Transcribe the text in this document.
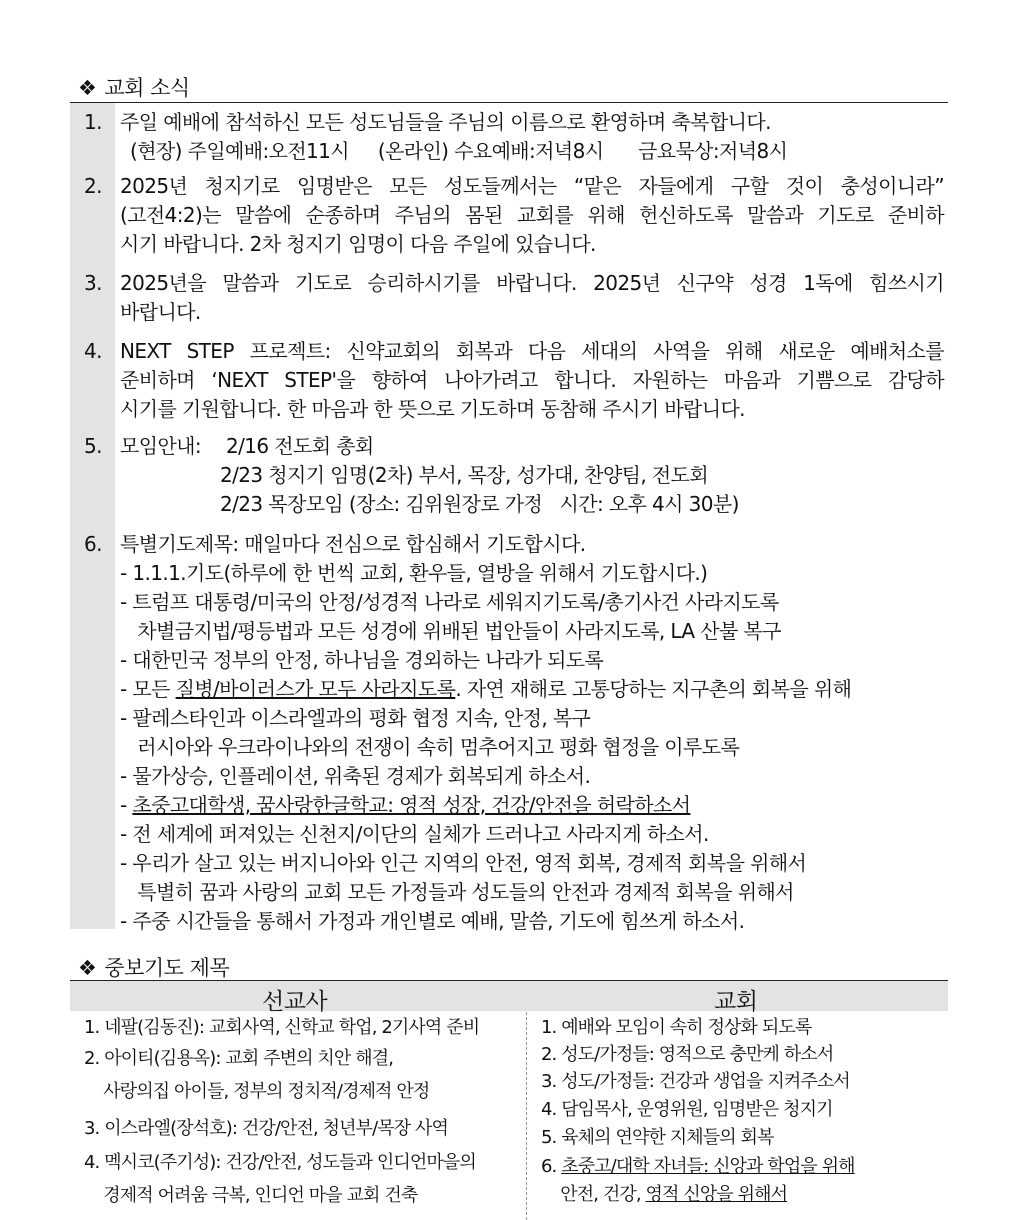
❖ 교회 소식
1. 주일 예배에 참석하신 모든 성도님들을 주님의 이름으로 환영하며 축복합니다.
(현장) 주일예배:오전11시     (온라인) 수요예배:저녁8시      금요묵상:저녁8시
2. 2025년 청지기로 임명받은 모든 성도들께서는 “맡은 자들에게 구할 것이 충성이니라”
(고전4:2)는 말씀에 순종하며 주님의 몸된 교회를 위해 헌신하도록 말씀과 기도로 준비하
시기 바랍니다. 2차 청지기 임명이 다음 주일에 있습니다.
3. 2025년을 말씀과 기도로 승리하시기를 바랍니다. 2025년 신구약 성경 1독에 힘쓰시기
바랍니다.
4. NEXT STEP 프로젝트: 신약교회의 회복과 다음 세대의 사역을 위해 새로운 예배처소를
준비하며 ‘NEXT STEP'을 향하여 나아가려고 합니다. 자원하는 마음과 기쁨으로 감당하
시기를 기원합니다. 한 마음과 한 뜻으로 기도하며 동참해 주시기 바랍니다.
5. 모임안내:	2/16 전도회 총회
2/23 청지기 임명(2차) 부서, 목장, 성가대, 찬양팀, 전도회
2/23 목장모임 (장소: 김위원장로 가정   시간: 오후 4시 30분)
6. 특별기도제목: 매일마다 전심으로 합심해서 기도합시다.
- 1.1.1.기도(하루에 한 번씩 교회, 환우들, 열방을 위해서 기도합시다.)
- 트럼프 대통령/미국의 안정/성경적 나라로 세워지기도록/총기사건 사라지도록
차별금지법/평등법과 모든 성경에 위배된 법안들이 사라지도록, LA 산불 복구
- 대한민국 정부의 안정, 하나님을 경외하는 나라가 되도록
- 모든 질병/바이러스가 모두 사라지도록. 자연 재해로 고통당하는 지구촌의 회복을 위해
- 팔레스타인과 이스라엘과의 평화 협정 지속, 안정, 복구
러시아와 우크라이나와의 전쟁이 속히 멈추어지고 평화 협정을 이루도록
- 물가상승, 인플레이션, 위축된 경제가 회복되게 하소서.
- 초중고대학생, 꿈사랑한글학교: 영적 성장, 건강/안전을 허락하소서
- 전 세계에 퍼져있는 신천지/이단의 실체가 드러나고 사라지게 하소서.
- 우리가 살고 있는 버지니아와 인근 지역의 안전, 영적 회복, 경제적 회복을 위해서
특별히 꿈과 사랑의 교회 모든 가정들과 성도들의 안전과 경제적 회복을 위해서
- 주중 시간들을 통해서 가정과 개인별로 예배, 말씀, 기도에 힘쓰게 하소서.
❖ 중보기도 제목
선교사	교회
1. 네팔(김동진): 교회사역, 신학교 학업, 2기사역 준비
2. 아이티(김용옥): 교회 주변의 치안 해결,
사랑의집 아이들, 정부의 정치적/경제적 안정
3. 이스라엘(장석호): 건강/안전, 청년부/목장 사역
4. 멕시코(주기성): 건강/안전, 성도들과 인디언마을의
경제적 어려움 극복, 인디언 마을 교회 건축
1. 예배와 모임이 속히 정상화 되도록
2. 성도/가정들: 영적으로 충만케 하소서
3. 성도/가정들: 건강과 생업을 지켜주소서
4. 담임목사, 운영위원, 임명받은 청지기
5. 육체의 연약한 지체들의 회복
6. 초중고/대학 자녀들: 신앙과 학업을 위해
안전, 건강, 영적 신앙을 위해서
